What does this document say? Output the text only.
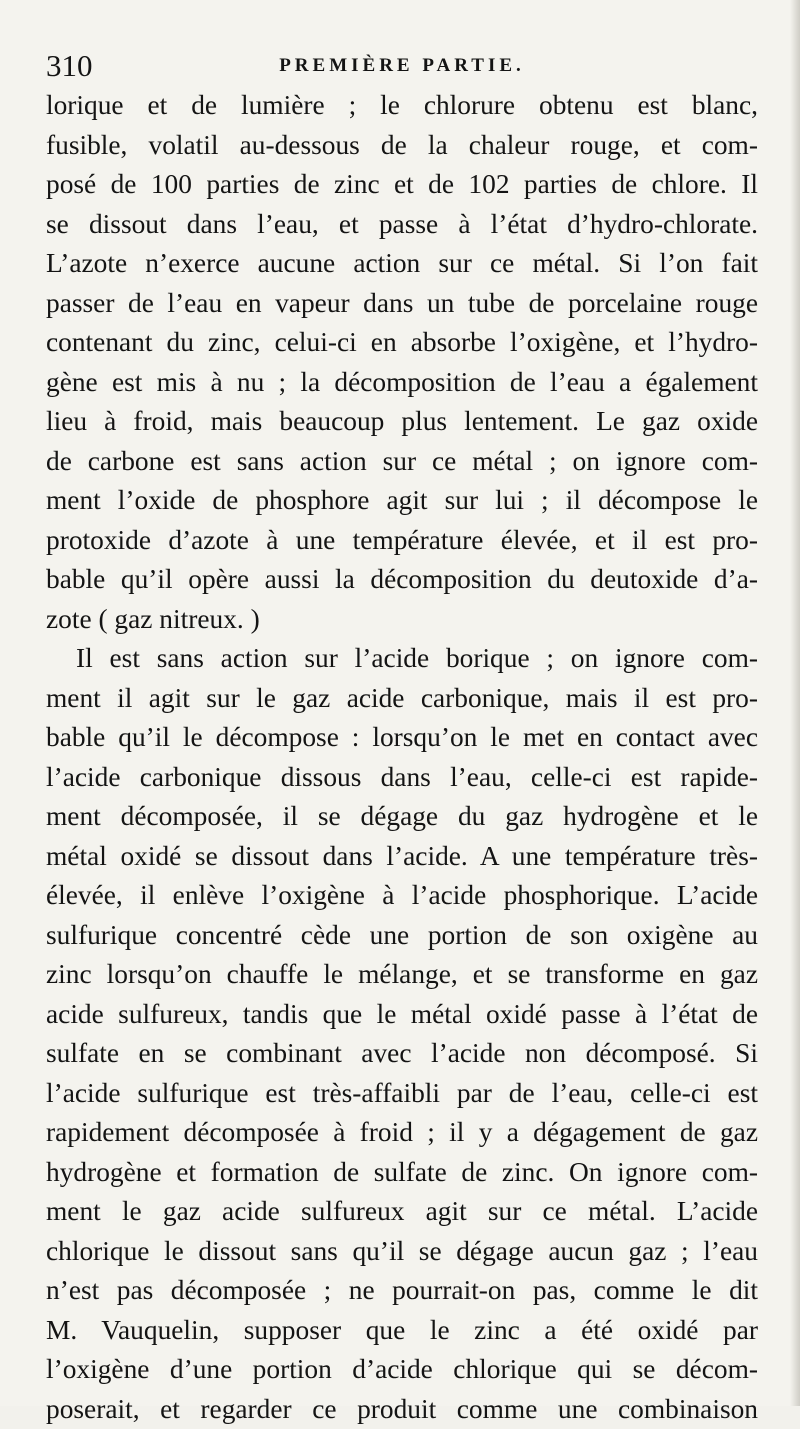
310	PREMIÈRE PARTIE.
lorique et de lumière ; le chlorure obtenu est blanc,
fusible, volatil au-dessous de la chaleur rouge, et com-
posé de 100 parties de zinc et de 102 parties de chlore. Il
se dissout dans l’eau, et passe à l’état d’hydro-chlorate.
L’azote n’exerce aucune action sur ce métal. Si l’on fait
passer de l’eau en vapeur dans un tube de porcelaine rouge
contenant du zinc, celui-ci en absorbe l’oxigène, et l’hydro-
gène est mis à nu ; la décomposition de l’eau a également
lieu à froid, mais beaucoup plus lentement. Le gaz oxide
de carbone est sans action sur ce métal ; on ignore com-
ment l’oxide de phosphore agit sur lui ; il décompose le
protoxide d’azote à une température élevée, et il est pro-
bable qu’il opère aussi la décomposition du deutoxide d’a-
zote ( gaz nitreux. )
Il est sans action sur l’acide borique ; on ignore com-
ment il agit sur le gaz acide carbonique, mais il est pro-
bable qu’il le décompose : lorsqu’on le met en contact avec
l’acide carbonique dissous dans l’eau, celle-ci est rapide-
ment décomposée, il se dégage du gaz hydrogène et le
métal oxidé se dissout dans l’acide. A une température très-
élevée, il enlève l’oxigène à l’acide phosphorique. L’acide
sulfurique concentré cède une portion de son oxigène au
zinc lorsqu’on chauffe le mélange, et se transforme en gaz
acide sulfureux, tandis que le métal oxidé passe à l’état de
sulfate en se combinant avec l’acide non décomposé. Si
l’acide sulfurique est très-affaibli par de l’eau, celle-ci est
rapidement décomposée à froid ; il y a dégagement de gaz
hydrogène et formation de sulfate de zinc. On ignore com-
ment le gaz acide sulfureux agit sur ce métal. L’acide
chlorique le dissout sans qu’il se dégage aucun gaz ; l’eau
n’est pas décomposée ; ne pourrait-on pas, comme le dit
M. Vauquelin, supposer que le zinc a été oxidé par
l’oxigène d’une portion d’acide chlorique qui se décom-
poserait, et regarder ce produit comme une combinaison
